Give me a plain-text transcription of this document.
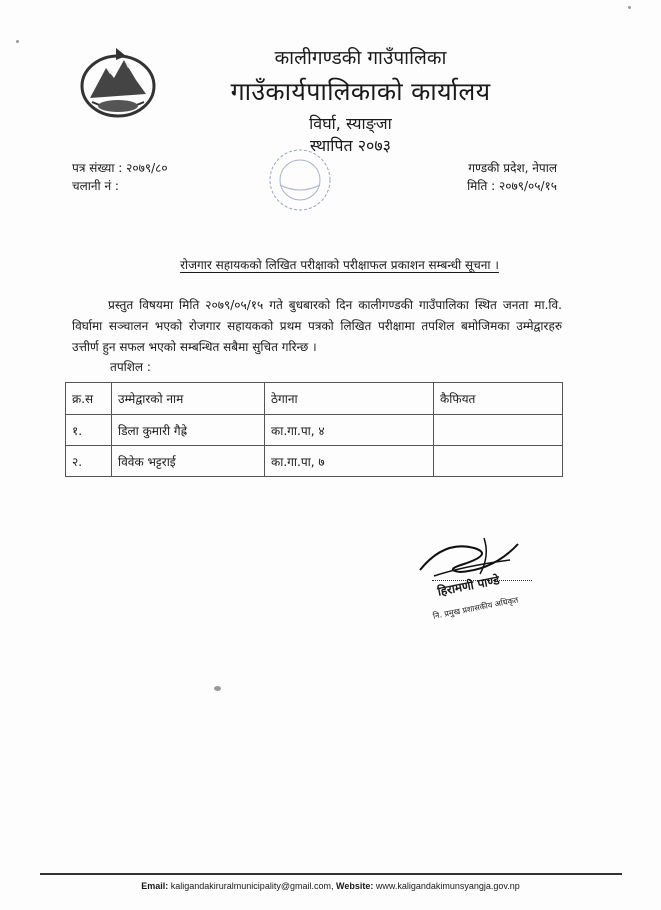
कालीगण्डकी गाउँपालिका
गाउँकार्यपालिकाको कार्यालय
विर्घा, स्याङ्जा
स्थापित २०७३
पत्र संख्या : २०७९/८०
चलानी नं :
गण्डकी प्रदेश, नेपाल
मिति : २०७९/०५/१५
रोजगार सहायकको लिखित परीक्षाको परीक्षाफल प्रकाशन सम्बन्धी सूचना ।
प्रस्तुत विषयमा मिति २०७९/०५/१५ गते बुधबारको दिन कालीगण्डकी गाउँपालिका स्थित जनता मा.वि. विर्घामा सञ्चालन भएको रोजगार सहायकको प्रथम पत्रको लिखित परीक्षामा तपशिल बमोजिमका उम्मेद्वारहरु उत्तीर्ण हुन सफल भएको सम्बन्धित सबैमा सुचित गरिन्छ ।
तपशिल :
क्र.स	उम्मेद्वारको नाम	ठेगाना	कैफियत
१.	डिला कुमारी गैह्रे	का.गा.पा, ४	
२.	विवेक भट्टराई	का.गा.पा, ७	
हिरामणी पाण्डे
नि. प्रमुख प्रशासकीय अधिकृत
Email: kaligandakiruralmunicipality@gmail.com, Website: www.kaligandakimunsyangja.gov.np
